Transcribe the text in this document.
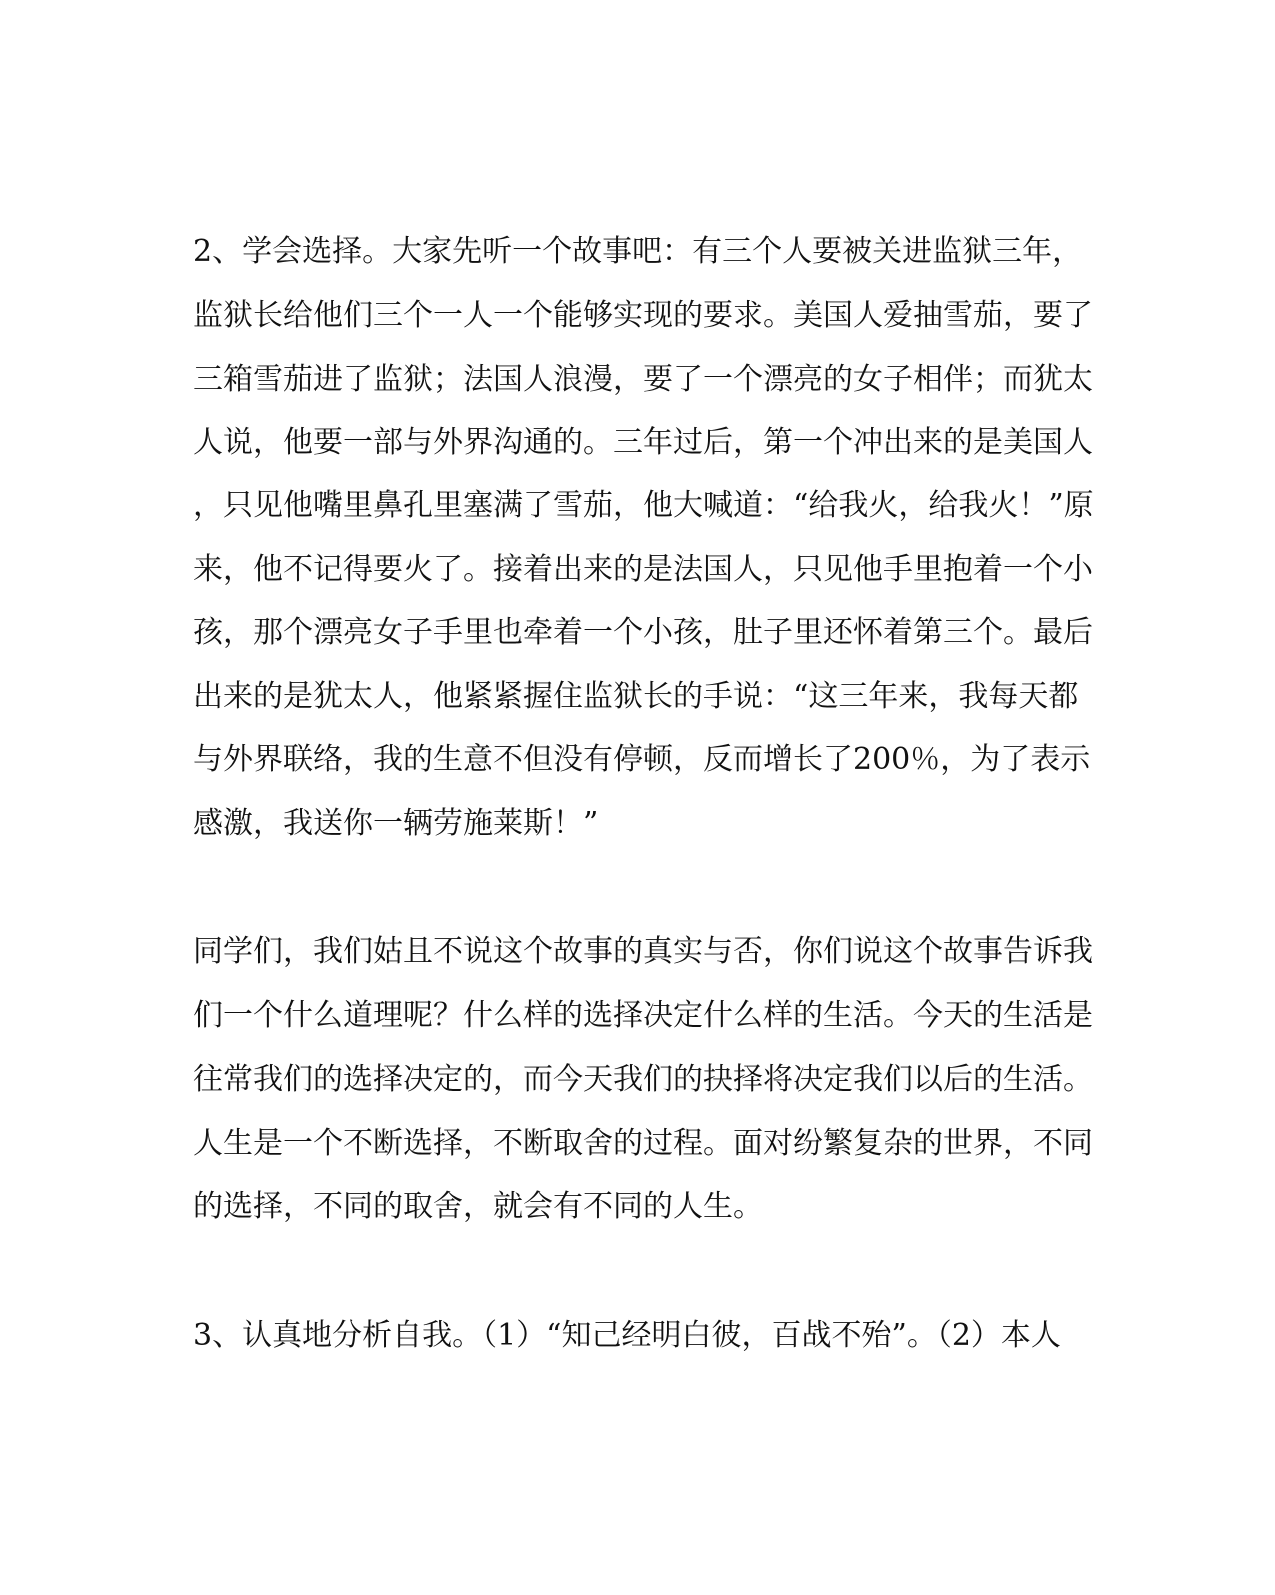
2、学会选择。大家先听一个故事吧：有三个人要被关进监狱三年，
监狱长给他们三个一人一个能够实现的要求。美国人爱抽雪茄，要了
三箱雪茄进了监狱；法国人浪漫，要了一个漂亮的女子相伴；而犹太
人说，他要一部与外界沟通的。三年过后，第一个冲出来的是美国人
，只见他嘴里鼻孔里塞满了雪茄，他大喊道：“给我火，给我火！”原
来，他不记得要火了。接着出来的是法国人，只见他手里抱着一个小
孩，那个漂亮女子手里也牵着一个小孩，肚子里还怀着第三个。最后
出来的是犹太人，他紧紧握住监狱长的手说：“这三年来，我每天都
与外界联络，我的生意不但没有停顿，反而增长了200％，为了表示
感激，我送你一辆劳施莱斯！”
同学们，我们姑且不说这个故事的真实与否，你们说这个故事告诉我
们一个什么道理呢？什么样的选择决定什么样的生活。今天的生活是
往常我们的选择决定的，而今天我们的抉择将决定我们以后的生活。
人生是一个不断选择，不断取舍的过程。面对纷繁复杂的世界，不同
的选择，不同的取舍，就会有不同的人生。
3、认真地分析自我。（1）“知己经明白彼，百战不殆”。（2）本人
